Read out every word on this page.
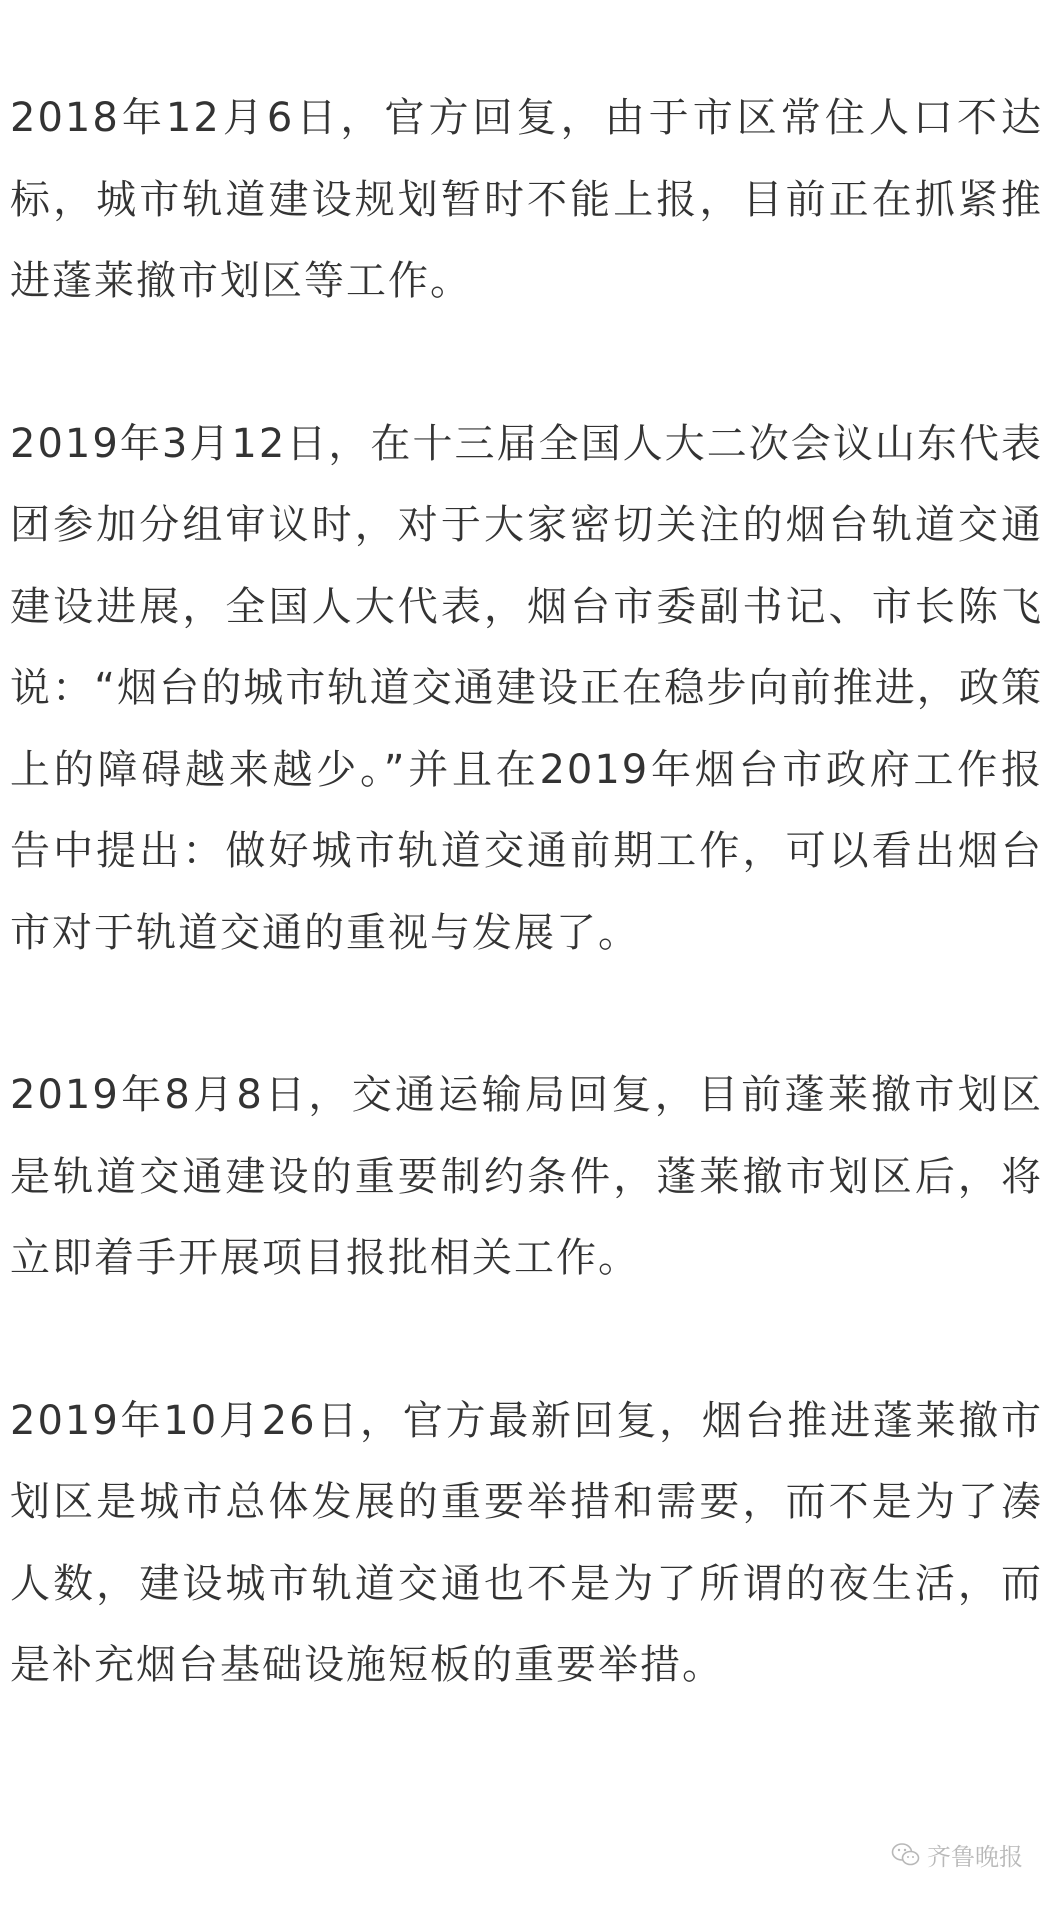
2018年12月6日，官方回复，由于市区常住人口不达标，城市轨道建设规划暂时不能上报，目前正在抓紧推进蓬莱撤市划区等工作。

2019年3月12日，在十三届全国人大二次会议山东代表团参加分组审议时，对于大家密切关注的烟台轨道交通建设进展，全国人大代表，烟台市委副书记、市长陈飞说：“烟台的城市轨道交通建设正在稳步向前推进，政策上的障碍越来越少。”并且在2019年烟台市政府工作报告中提出：做好城市轨道交通前期工作，可以看出烟台市对于轨道交通的重视与发展了。

2019年8月8日，交通运输局回复，目前蓬莱撤市划区是轨道交通建设的重要制约条件，蓬莱撤市划区后，将立即着手开展项目报批相关工作。

2019年10月26日，官方最新回复，烟台推进蓬莱撤市划区是城市总体发展的重要举措和需要，而不是为了凑人数，建设城市轨道交通也不是为了所谓的夜生活，而是补充烟台基础设施短板的重要举措。

齐鲁晚报
